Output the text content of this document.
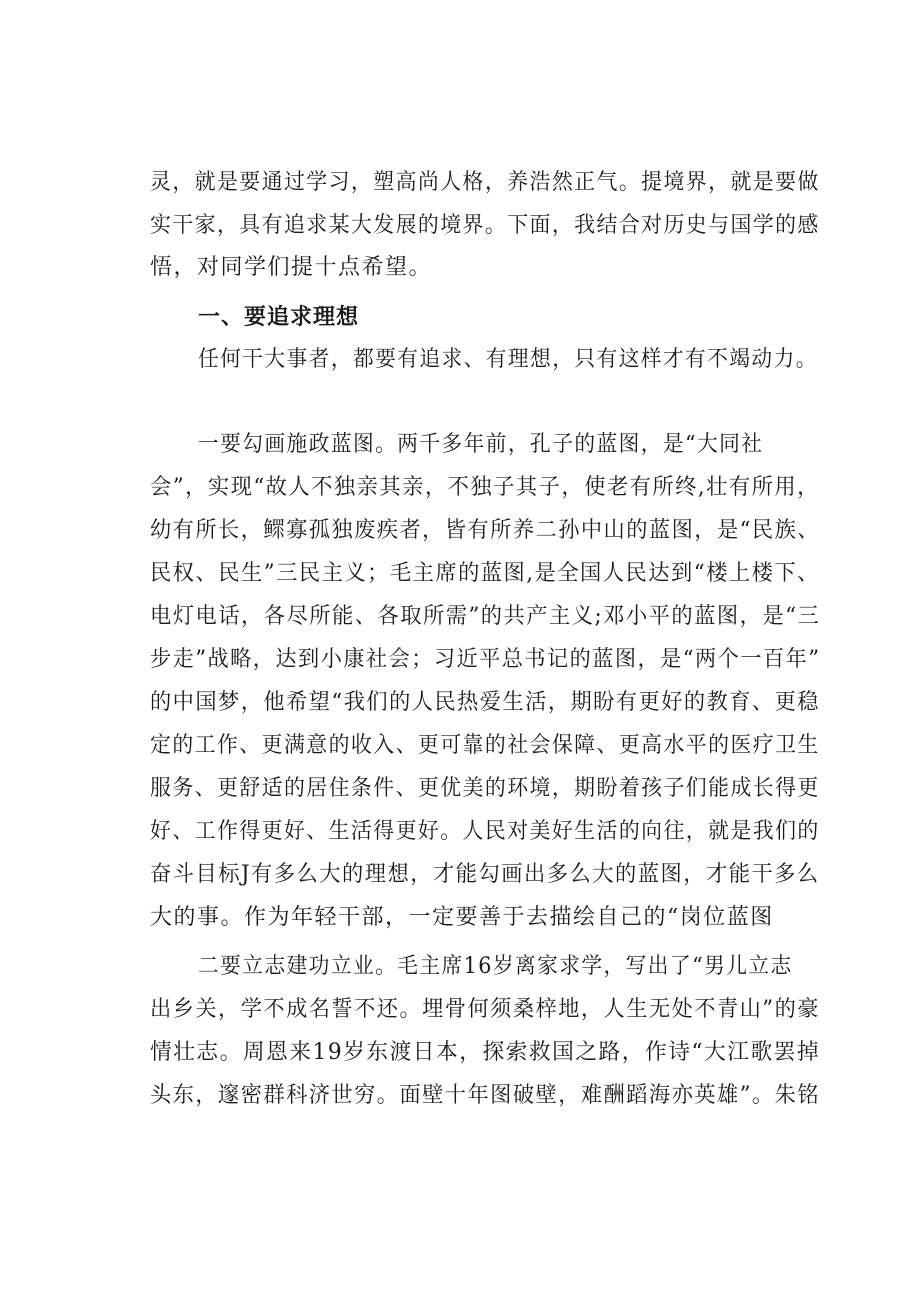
灵，就是要通过学习，塑高尚人格，养浩然正气。提境界，就是要做
实干家，具有追求某大发展的境界。下面，我结合对历史与国学的感
悟，对同学们提十点希望。
一、要追求理想
任何干大事者，都要有追求、有理想，只有这样才有不竭动力。
一要勾画施政蓝图。两千多年前，孔子的蓝图，是“大同社
会”，实现“故人不独亲其亲，不独子其子，使老有所终,壮有所用，
幼有所长，鳏寡孤独废疾者，皆有所养二孙中山的蓝图，是“民族、
民权、民生”三民主义；毛主席的蓝图,是全国人民达到“楼上楼下、
电灯电话，各尽所能、各取所需”的共产主义;邓小平的蓝图，是“三
步走”战略，达到小康社会；习近平总书记的蓝图，是“两个一百年”
的中国梦，他希望“我们的人民热爱生活，期盼有更好的教育、更稳
定的工作、更满意的收入、更可靠的社会保障、更高水平的医疗卫生
服务、更舒适的居住条件、更优美的环境，期盼着孩子们能成长得更
好、工作得更好、生活得更好。人民对美好生活的向往，就是我们的
奋斗目标J有多么大的理想，才能勾画出多么大的蓝图，才能干多么
大的事。作为年轻干部，一定要善于去描绘自己的“岗位蓝图
二要立志建功立业。毛主席16岁离家求学，写出了“男儿立志
出乡关，学不成名誓不还。埋骨何须桑梓地，人生无处不青山”的豪
情壮志。周恩来19岁东渡日本，探索救国之路，作诗“大江歌罢掉
头东，邃密群科济世穷。面壁十年图破壁，难酬蹈海亦英雄”。朱铭
